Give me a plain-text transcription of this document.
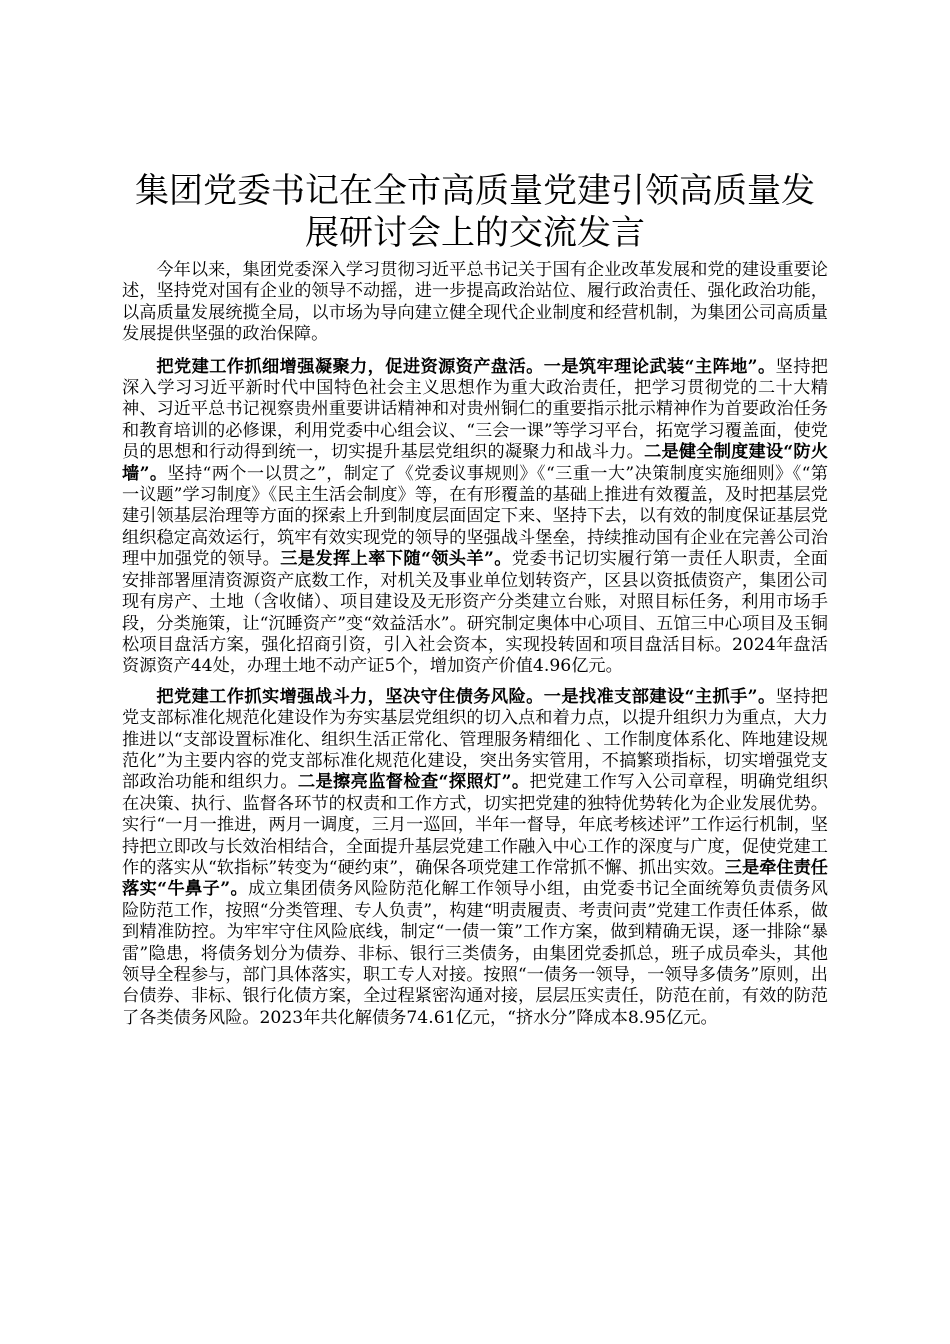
集团党委书记在全市高质量党建引领高质量发展研讨会上的交流发言

今年以来，集团党委深入学习贯彻习近平总书记关于国有企业改革发展和党的建设重要论述，坚持党对国有企业的领导不动摇，进一步提高政治站位、履行政治责任、强化政治功能，以高质量发展统揽全局，以市场为导向建立健全现代企业制度和经营机制，为集团公司高质量发展提供坚强的政治保障。

把党建工作抓细增强凝聚力，促进资源资产盘活。一是筑牢理论武装“主阵地”。坚持把深入学习习近平新时代中国特色社会主义思想作为重大政治责任，把学习贯彻党的二十大精神、习近平总书记视察贵州重要讲话精神和对贵州铜仁的重要指示批示精神作为首要政治任务和教育培训的必修课，利用党委中心组会议、“三会一课”等学习平台，拓宽学习覆盖面，使党员的思想和行动得到统一，切实提升基层党组织的凝聚力和战斗力。二是健全制度建设“防火墙”。坚持“两个一以贯之”，制定了《党委议事规则》《“三重一大”决策制度实施细则》《“第一议题”学习制度》《民主生活会制度》等，在有形覆盖的基础上推进有效覆盖，及时把基层党建引领基层治理等方面的探索上升到制度层面固定下来、坚持下去，以有效的制度保证基层党组织稳定高效运行，筑牢有效实现党的领导的坚强战斗堡垒，持续推动国有企业在完善公司治理中加强党的领导。三是发挥上率下随“领头羊”。党委书记切实履行第一责任人职责，全面安排部署厘清资源资产底数工作，对机关及事业单位划转资产，区县以资抵债资产，集团公司现有房产、土地（含收储）、项目建设及无形资产分类建立台账，对照目标任务，利用市场手段，分类施策，让“沉睡资产”变“效益活水”。研究制定奥体中心项目、五馆三中心项目及玉铜松项目盘活方案，强化招商引资，引入社会资本，实现投转固和项目盘活目标。2024年盘活资源资产44处，办理土地不动产证5个，增加资产价值4.96亿元。

把党建工作抓实增强战斗力，坚决守住债务风险。一是找准支部建设“主抓手”。坚持把党支部标准化规范化建设作为夯实基层党组织的切入点和着力点，以提升组织力为重点，大力推进以“支部设置标准化、组织生活正常化、管理服务精细化 、工作制度体系化、阵地建设规范化”为主要内容的党支部标准化规范化建设，突出务实管用，不搞繁琐指标，切实增强党支部政治功能和组织力。二是擦亮监督检查“探照灯”。把党建工作写入公司章程，明确党组织在决策、执行、监督各环节的权责和工作方式，切实把党建的独特优势转化为企业发展优势。实行“一月一推进，两月一调度，三月一巡回，半年一督导，年底考核述评”工作运行机制，坚持把立即改与长效治相结合，全面提升基层党建工作融入中心工作的深度与广度，促使党建工作的落实从“软指标”转变为“硬约束”，确保各项党建工作常抓不懈、抓出实效。三是牵住责任落实“牛鼻子”。成立集团债务风险防范化解工作领导小组，由党委书记全面统筹负责债务风险防范工作，按照“分类管理、专人负责”，构建“明责履责、考责问责”党建工作责任体系，做到精准防控。为牢牢守住风险底线，制定“一债一策”工作方案，做到精确无误，逐一排除“暴雷”隐患，将债务划分为债券、非标、银行三类债务，由集团党委抓总，班子成员牵头，其他领导全程参与，部门具体落实，职工专人对接。按照“一债务一领导，一领导多债务”原则，出台债券、非标、银行化债方案，全过程紧密沟通对接，层层压实责任，防范在前，有效的防范了各类债务风险。2023年共化解债务74.61亿元，“挤水分”降成本8.95亿元。
